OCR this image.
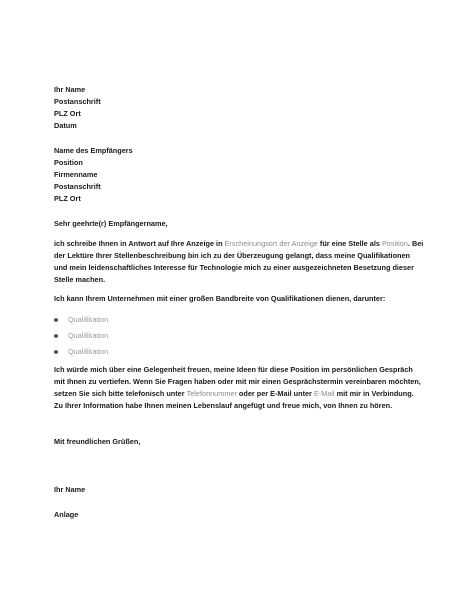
Ihr Name
Postanschrift
PLZ Ort
Datum
Name des Empfängers
Position
Firmenname
Postanschrift
PLZ Ort
Sehr geehrte(r) Empfängername,
ich schreibe Ihnen in Antwort auf Ihre Anzeige in Erscheinungsort der Anzeige für eine Stelle als Position. Bei der Lektüre Ihrer Stellenbeschreibung bin ich zu der Überzeugung gelangt, dass meine Qualifikationen und mein leidenschaftliches Interesse für Technologie mich zu einer ausgezeichneten Besetzung dieser Stelle machen.
Ich kann Ihrem Unternehmen mit einer großen Bandbreite von Qualifikationen dienen, darunter:
Qualifikation
Qualifikation
Qualifikation
Ich würde mich über eine Gelegenheit freuen, meine Ideen für diese Position im persönlichen Gespräch mit Ihnen zu vertiefen. Wenn Sie Fragen haben oder mit mir einen Gesprächstermin vereinbaren möchten, setzen Sie sich bitte telefonisch unter Telefonnummer oder per E-Mail unter E-Mail mit mir in Verbindung. Zu Ihrer Information habe Ihnen meinen Lebenslauf angefügt und freue mich, von Ihnen zu hören.
Mit freundlichen Grüßen,
Ihr Name
Anlage
